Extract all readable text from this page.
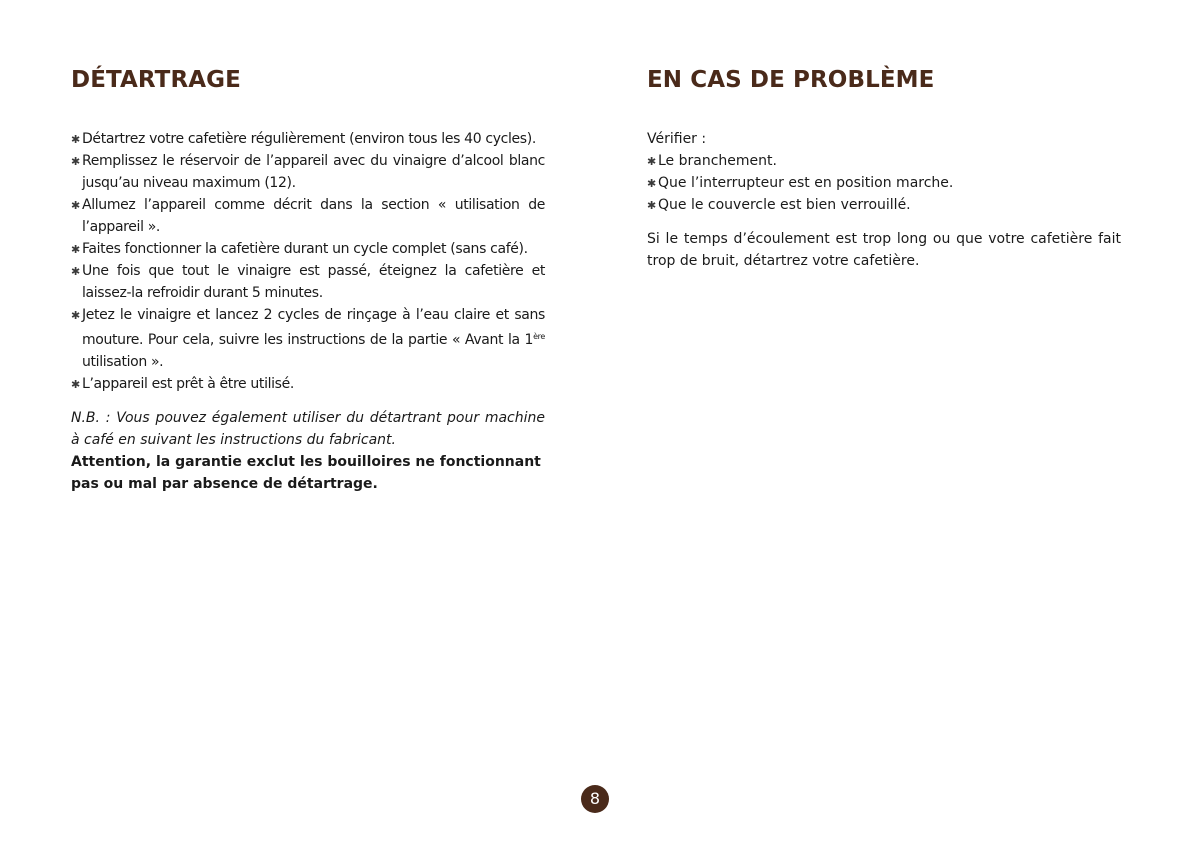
DÉTARTRAGE
✱ Détartrez votre cafetière régulièrement (environ tous les 40 cycles).
✱ Remplissez le réservoir de l’appareil avec du vinaigre d’alcool blanc jusqu’au niveau maximum (12).
✱ Allumez l’appareil comme décrit dans la section « utilisation de l’appareil ».
✱ Faites fonctionner la cafetière durant un cycle complet (sans café).
✱ Une fois que tout le vinaigre est passé, éteignez la cafetière et laissez-la refroidir durant 5 minutes.
✱ Jetez le vinaigre et lancez 2 cycles de rinçage à l’eau claire et sans mouture. Pour cela, suivre les instructions de la partie « Avant la 1ère utilisation ».
✱ L’appareil est prêt à être utilisé.

N.B. : Vous pouvez également utiliser du détartrant pour machine à café en suivant les instructions du fabricant.

Attention, la garantie exclut les bouilloires ne fonctionnant pas ou mal par absence de détartrage.

EN CAS DE PROBLÈME

Vérifier :

✱ Le branchement.
✱ Que l’interrupteur est en position marche.
✱ Que le couvercle est bien verrouillé.

Si le temps d’écoulement est trop long ou que votre cafetière fait trop de bruit, détartrez votre cafetière.

8
